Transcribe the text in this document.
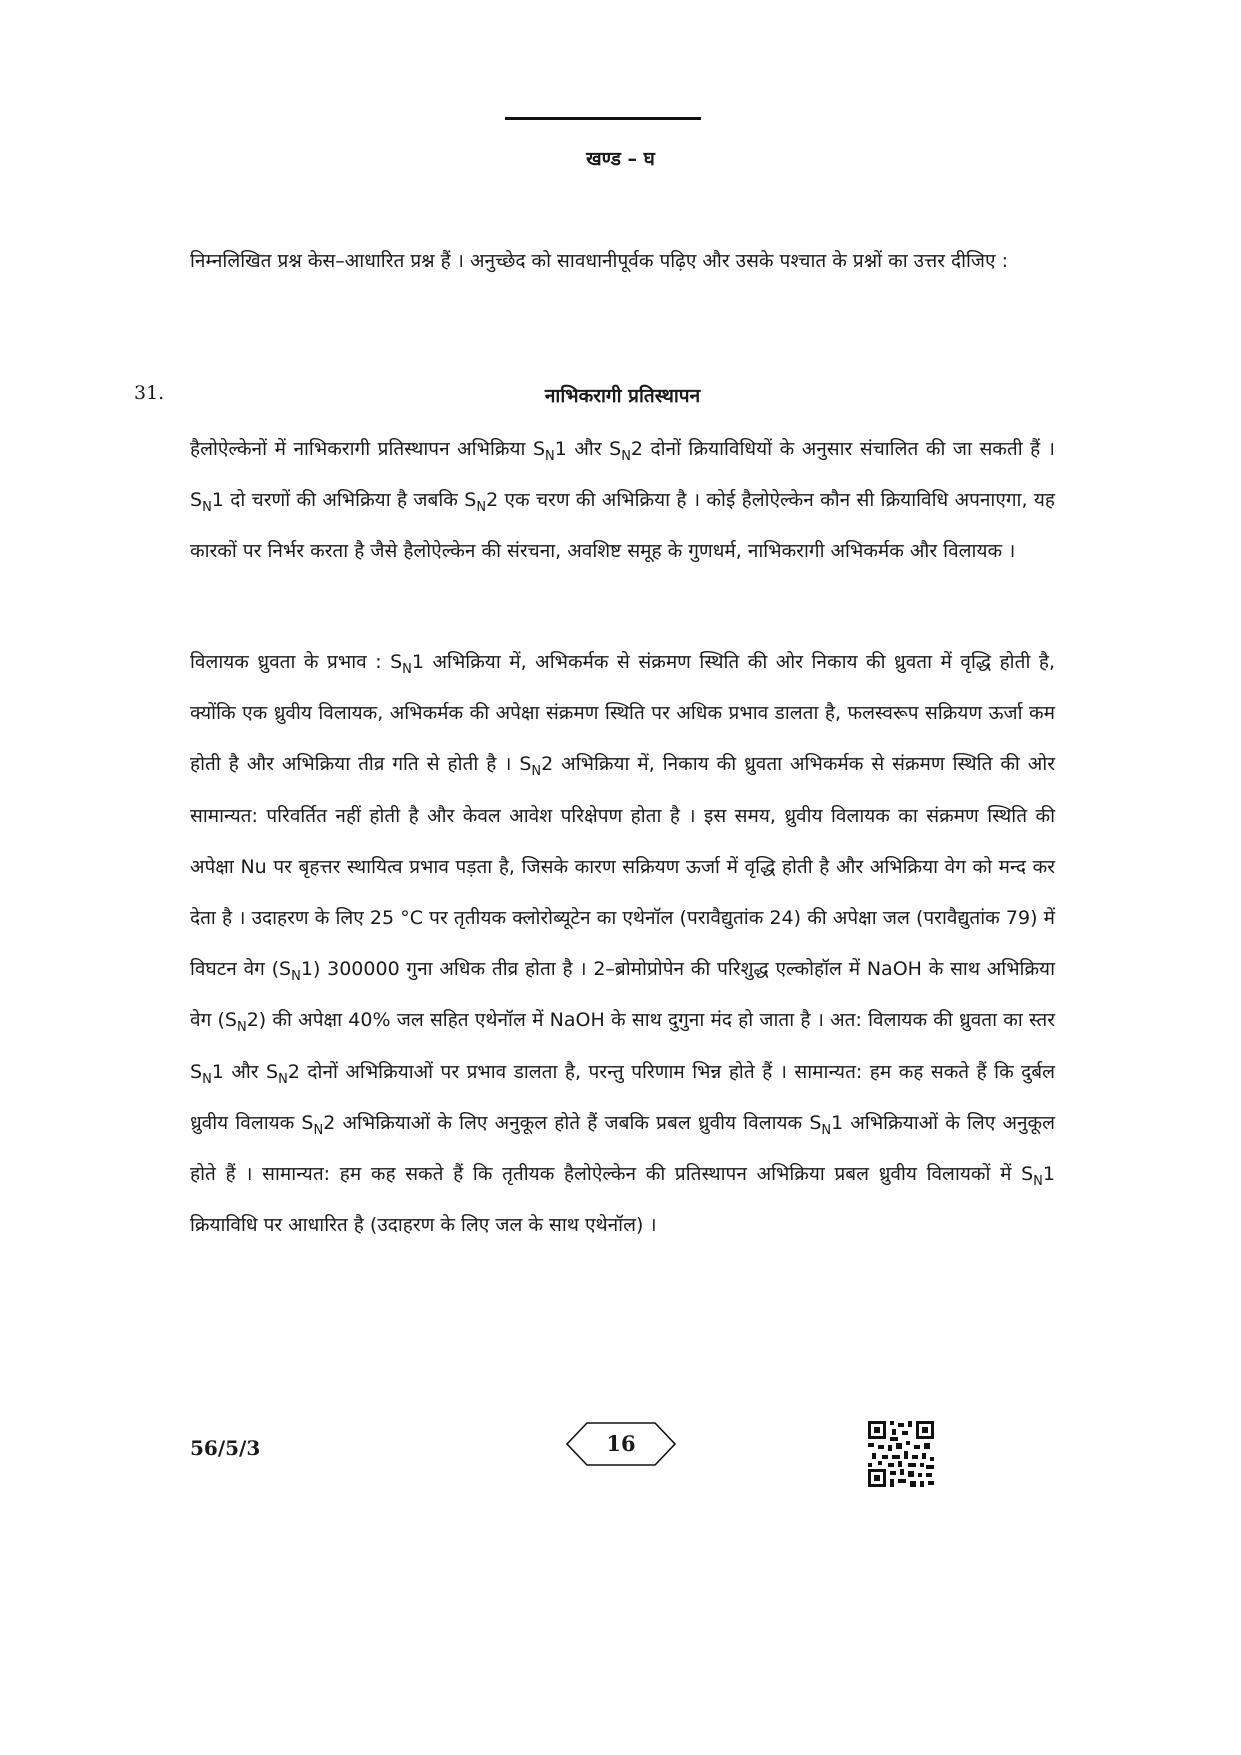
खण्ड – घ

निम्नलिखित प्रश्न केस–आधारित प्रश्न हैं । अनुच्छेद को सावधानीपूर्वक पढ़िए और उसके पश्चात के प्रश्नों का उत्तर दीजिए :

31.	नाभिकरागी प्रतिस्थापन

हैलोऐल्केनों में नाभिकरागी प्रतिस्थापन अभिक्रिया $S_N1$ और $S_N2$ दोनों क्रियाविधियों के अनुसार संचालित की जा सकती हैं । $S_N1$ दो चरणों की अभिक्रिया है जबकि $S_N2$ एक चरण की अभिक्रिया है । कोई हैलोऐल्केन कौन सी क्रियाविधि अपनाएगा, यह कारकों पर निर्भर करता है जैसे हैलोऐल्केन की संरचना, अवशिष्ट समूह के गुणधर्म, नाभिकरागी अभिकर्मक और विलायक ।

विलायक ध्रुवता के प्रभाव : $S_N1$ अभिक्रिया में, अभिकर्मक से संक्रमण स्थिति की ओर निकाय की ध्रुवता में वृद्धि होती है, क्योंकि एक ध्रुवीय विलायक, अभिकर्मक की अपेक्षा संक्रमण स्थिति पर अधिक प्रभाव डालता है, फलस्वरूप सक्रियण ऊर्जा कम होती है और अभिक्रिया तीव्र गति से होती है । $S_N2$ अभिक्रिया में, निकाय की ध्रुवता अभिकर्मक से संक्रमण स्थिति की ओर सामान्यत: परिवर्तित नहीं होती है और केवल आवेश परिक्षेपण होता है । इस समय, ध्रुवीय विलायक का संक्रमण स्थिति की अपेक्षा Nu पर बृहत्तर स्थायित्व प्रभाव पड़ता है, जिसके कारण सक्रियण ऊर्जा में वृद्धि होती है और अभिक्रिया वेग को मन्द कर देता है । उदाहरण के लिए 25 °C पर तृतीयक क्लोरोब्यूटेन का एथेनॉल (परावैद्युतांक 24) की अपेक्षा जल (परावैद्युतांक 79) में विघटन वेग $(S_N1)$ 300000 गुना अधिक तीव्र होता है । 2–ब्रोमोप्रोपेन की परिशुद्ध एल्कोहॉल में NaOH के साथ अभिक्रिया वेग $(S_N2)$ की अपेक्षा 40% जल सहित एथेनॉल में NaOH के साथ दुगुना मंद हो जाता है । अत: विलायक की ध्रुवता का स्तर $S_N1$ और $S_N2$ दोनों अभिक्रियाओं पर प्रभाव डालता है, परन्तु परिणाम भिन्न होते हैं । सामान्यत: हम कह सकते हैं कि दुर्बल ध्रुवीय विलायक $S_N2$ अभिक्रियाओं के लिए अनुकूल होते हैं जबकि प्रबल ध्रुवीय विलायक $S_N1$ अभिक्रियाओं के लिए अनुकूल होते हैं । सामान्यत: हम कह सकते हैं कि तृतीयक हैलोऐल्केन की प्रतिस्थापन अभिक्रिया प्रबल ध्रुवीय विलायकों में $S_N1$ क्रियाविधि पर आधारित है (उदाहरण के लिए जल के साथ एथेनॉल) ।

56/5/3	16
